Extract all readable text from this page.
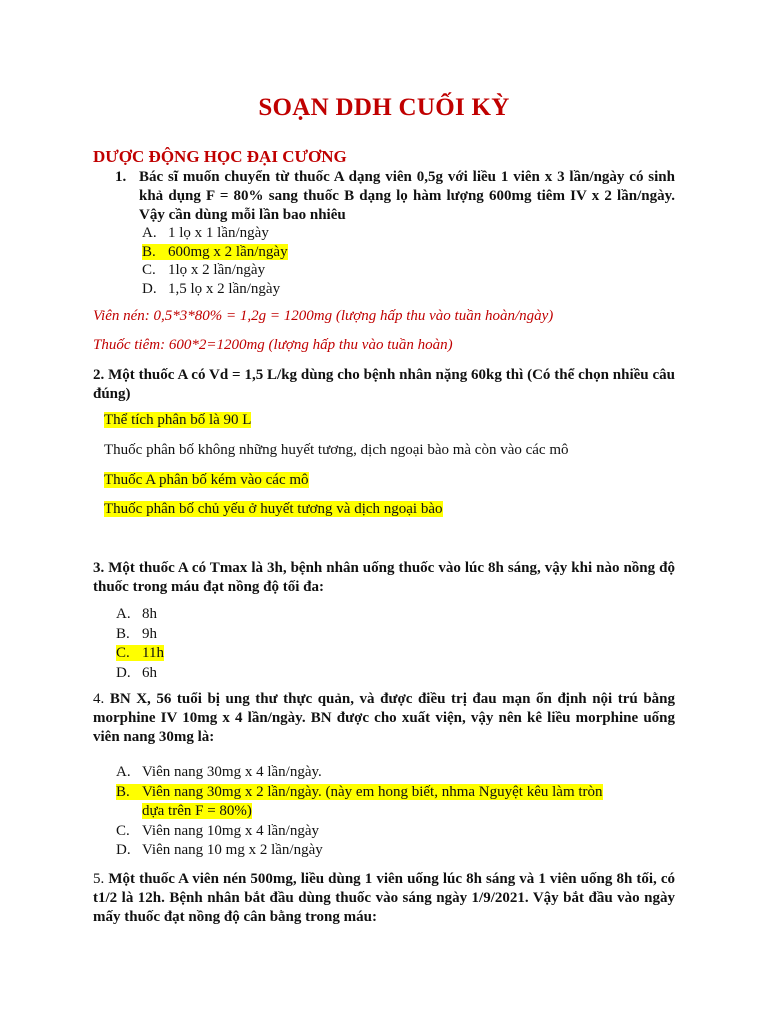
SOẠN DDH CUỐI KỲ
DƯỢC ĐỘNG HỌC ĐẠI CƯƠNG
1. Bác sĩ muốn chuyển từ thuốc A dạng viên 0,5g với liều 1 viên x 3 lần/ngày có sinh khả dụng F = 80% sang thuốc B dạng lọ hàm lượng 600mg tiêm IV x 2 lần/ngày. Vậy cần dùng mỗi lần bao nhiêu
A. 1 lọ x 1 lần/ngày
B. 600mg x 2 lần/ngày
C. 1lọ x 2 lần/ngày
D. 1,5 lọ x 2 lần/ngày
Viên nén: 0,5*3*80% = 1,2g = 1200mg (lượng hấp thu vào tuần hoàn/ngày)
Thuốc tiêm: 600*2=1200mg (lượng hấp thu vào tuần hoàn)
2. Một thuốc A có Vd = 1,5 L/kg dùng cho bệnh nhân nặng 60kg thì (Có thể chọn nhiều câu đúng)
Thể tích phân bố là 90 L
Thuốc phân bố không những huyết tương, dịch ngoại bào mà còn vào các mô
Thuốc A phân bố kém vào các mô
Thuốc phân bố chủ yếu ở huyết tương và dịch ngoại bào
3. Một thuốc A có Tmax là 3h, bệnh nhân uống thuốc vào lúc 8h sáng, vậy khi nào nồng độ thuốc trong máu đạt nồng độ tối đa:
A. 8h
B. 9h
C. 11h
D. 6h
4. BN X, 56 tuổi bị ung thư thực quản, và được điều trị đau mạn ổn định nội trú bằng morphine IV 10mg x 4 lần/ngày. BN được cho xuất viện, vậy nên kê liều morphine uống viên nang 30mg là:
A. Viên nang 30mg x 4 lần/ngày.
B. Viên nang 30mg x 2 lần/ngày. (này em hong biết, nhma Nguyệt kêu làm tròn
dựa trên F = 80%)
C. Viên nang 10mg x 4 lần/ngày
D. Viên nang 10 mg x 2 lần/ngày
5. Một thuốc A viên nén 500mg, liều dùng 1 viên uống lúc 8h sáng và 1 viên uống 8h tối, có t1/2 là 12h. Bệnh nhân bắt đầu dùng thuốc vào sáng ngày 1/9/2021. Vậy bắt đầu vào ngày mấy thuốc đạt nồng độ cân bằng trong máu:
